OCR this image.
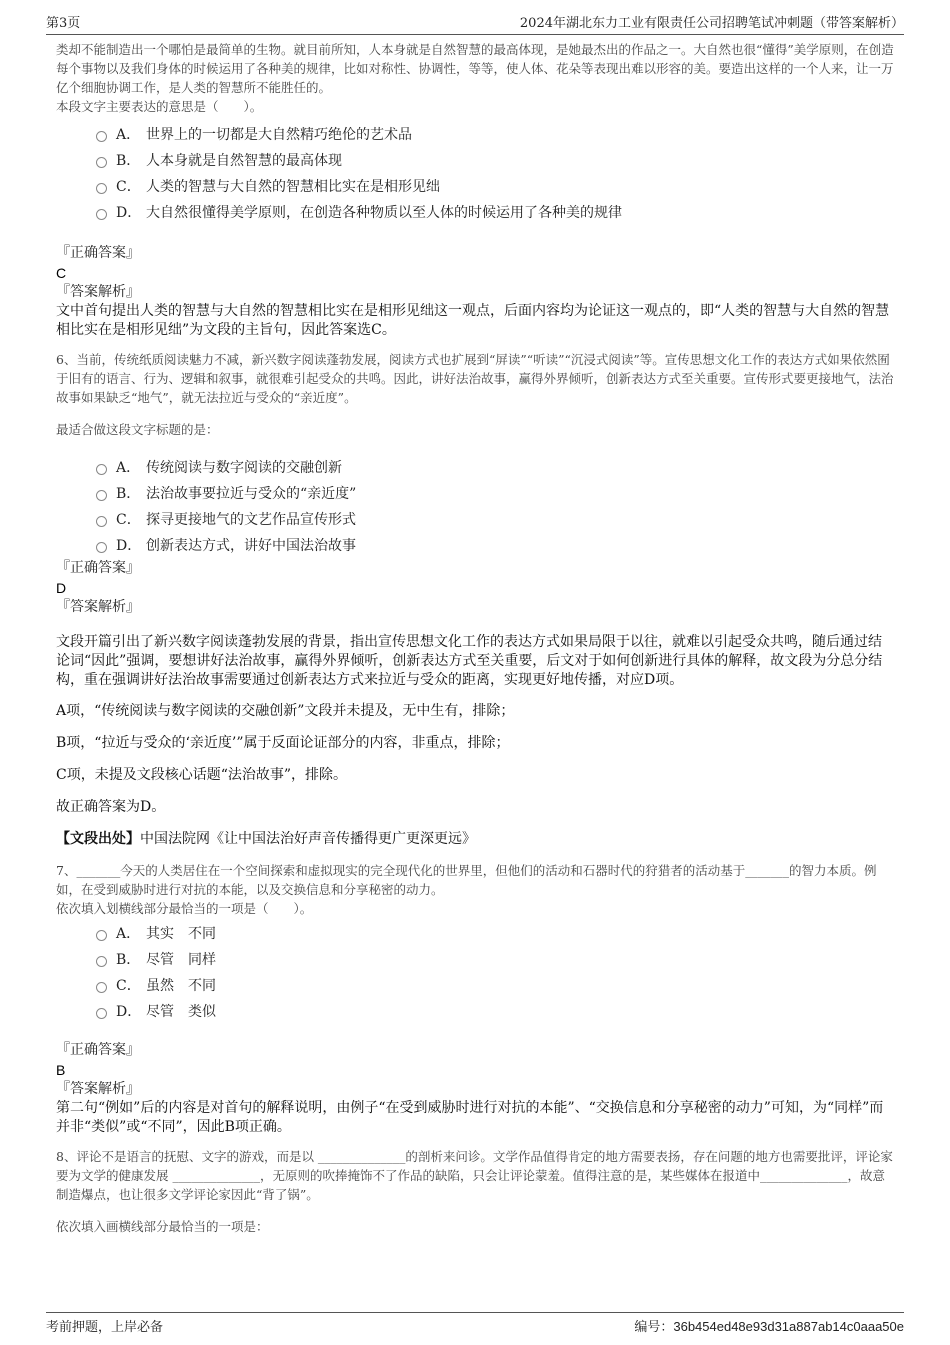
第3页	2024年湖北东力工业有限责任公司招聘笔试冲刺题（带答案解析）

类却不能制造出一个哪怕是最简单的生物。就目前所知，人本身就是自然智慧的最高体现，是她最杰出的作品之一。大自然也很“懂得”美学原则，在创造每个事物以及我们身体的时候运用了各种美的规律，比如对称性、协调性，等等，使人体、花朵等表现出难以形容的美。要造出这样的一个人来，让一万亿个细胞协调工作，是人类的智慧所不能胜任的。

本段文字主要表达的意思是（　　）。

A． 世界上的一切都是大自然精巧绝伦的艺术品
B． 人本身就是自然智慧的最高体现
C． 人类的智慧与大自然的智慧相比实在是相形见绌
D． 大自然很懂得美学原则，在创造各种物质以至人体的时候运用了各种美的规律

『正确答案』

C

『答案解析』

文中首句提出人类的智慧与大自然的智慧相比实在是相形见绌这一观点，后面内容均为论证这一观点的，即“人类的智慧与大自然的智慧相比实在是相形见绌”为文段的主旨句，因此答案选C。

6、当前，传统纸质阅读魅力不减，新兴数字阅读蓬勃发展，阅读方式也扩展到“屏读”“听读”“沉浸式阅读”等。宣传思想文化工作的表达方式如果依然囿于旧有的语言、行为、逻辑和叙事，就很难引起受众的共鸣。因此，讲好法治故事，赢得外界倾听，创新表达方式至关重要。宣传形式要更接地气，法治故事如果缺乏“地气”，就无法拉近与受众的“亲近度”。

最适合做这段文字标题的是：

A． 传统阅读与数字阅读的交融创新
B． 法治故事要拉近与受众的“亲近度”
C． 探寻更接地气的文艺作品宣传形式
D． 创新表达方式，讲好中国法治故事

『正确答案』

D

『答案解析』

文段开篇引出了新兴数字阅读蓬勃发展的背景，指出宣传思想文化工作的表达方式如果局限于以往，就难以引起受众共鸣，随后通过结论词“因此”强调，要想讲好法治故事，赢得外界倾听，创新表达方式至关重要，后文对于如何创新进行具体的解释，故文段为分总分结构，重在强调讲好法治故事需要通过创新表达方式来拉近与受众的距离，实现更好地传播，对应D项。

A项，“传统阅读与数字阅读的交融创新”文段并未提及，无中生有，排除；

B项，“拉近与受众的‘亲近度’”属于反面论证部分的内容，非重点，排除；

C项，未提及文段核心话题“法治故事”，排除。

故正确答案为D。

【文段出处】中国法院网《让中国法治好声音传播得更广更深更远》

7、_______今天的人类居住在一个空间探索和虚拟现实的完全现代化的世界里，但他们的活动和石器时代的狩猎者的活动基于_______的智力本质。例如，在受到威胁时进行对抗的本能，以及交换信息和分享秘密的动力。

依次填入划横线部分最恰当的一项是（　　）。

A． 其实 不同
B． 尽管 同样
C． 虽然 不同
D． 尽管 类似

『正确答案』

B

『答案解析』

第二句“例如”后的内容是对首句的解释说明，由例子“在受到威胁时进行对抗的本能”、“交换信息和分享秘密的动力”可知，为“同样”而并非“类似”或“不同”，因此B项正确。

8、评论不是语言的抚慰、文字的游戏，而是以 ______________的剖析来问诊。文学作品值得肯定的地方需要表扬，存在问题的地方也需要批评，评论家要为文学的健康发展 ______________，无原则的吹捧掩饰不了作品的缺陷，只会让评论蒙羞。值得注意的是，某些媒体在报道中______________，故意制造爆点，也让很多文学评论家因此“背了锅”。

依次填入画横线部分最恰当的一项是：

考前押题，上岸必备	编号：36b454ed48e93d31a887ab14c0aaa50e
